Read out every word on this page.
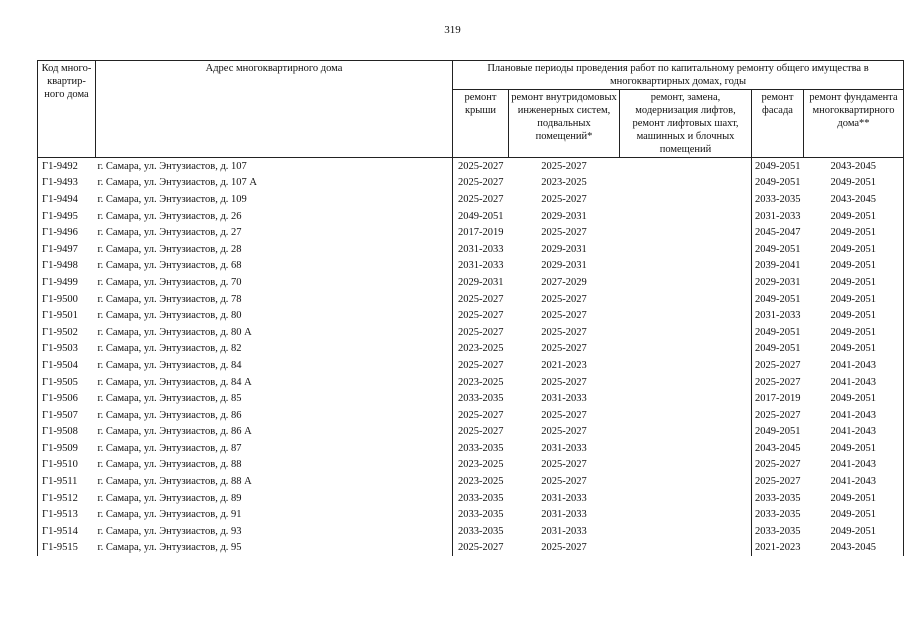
319
Код много-квартир-ного дома	Адрес многоквартирного дома	Плановые периоды проведения работ по капитальному ремонту общего имущества в многоквартирных домах, годы				
		ремонт крыши	ремонт внутридомовых инженерных систем, подвальных помещений*	ремонт, замена, модернизация лифтов, ремонт лифтовых шахт, машинных и блочных помещений	ремонт фасада	ремонт фундамента многоквартирного дома**
Г1-9492	г. Самара, ул. Энтузиастов, д. 107	2025-2027	2025-2027		2049-2051	2043-2045
Г1-9493	г. Самара, ул. Энтузиастов, д. 107 А	2025-2027	2023-2025		2049-2051	2049-2051
Г1-9494	г. Самара, ул. Энтузиастов, д. 109	2025-2027	2025-2027		2033-2035	2043-2045
Г1-9495	г. Самара, ул. Энтузиастов, д. 26	2049-2051	2029-2031		2031-2033	2049-2051
Г1-9496	г. Самара, ул. Энтузиастов, д. 27	2017-2019	2025-2027		2045-2047	2049-2051
Г1-9497	г. Самара, ул. Энтузиастов, д. 28	2031-2033	2029-2031		2049-2051	2049-2051
Г1-9498	г. Самара, ул. Энтузиастов, д. 68	2031-2033	2029-2031		2039-2041	2049-2051
Г1-9499	г. Самара, ул. Энтузиастов, д. 70	2029-2031	2027-2029		2029-2031	2049-2051
Г1-9500	г. Самара, ул. Энтузиастов, д. 78	2025-2027	2025-2027		2049-2051	2049-2051
Г1-9501	г. Самара, ул. Энтузиастов, д. 80	2025-2027	2025-2027		2031-2033	2049-2051
Г1-9502	г. Самара, ул. Энтузиастов, д. 80 А	2025-2027	2025-2027		2049-2051	2049-2051
Г1-9503	г. Самара, ул. Энтузиастов, д. 82	2023-2025	2025-2027		2049-2051	2049-2051
Г1-9504	г. Самара, ул. Энтузиастов, д. 84	2025-2027	2021-2023		2025-2027	2041-2043
Г1-9505	г. Самара, ул. Энтузиастов, д. 84 А	2023-2025	2025-2027		2025-2027	2041-2043
Г1-9506	г. Самара, ул. Энтузиастов, д. 85	2033-2035	2031-2033		2017-2019	2049-2051
Г1-9507	г. Самара, ул. Энтузиастов, д. 86	2025-2027	2025-2027		2025-2027	2041-2043
Г1-9508	г. Самара, ул. Энтузиастов, д. 86 А	2025-2027	2025-2027		2049-2051	2041-2043
Г1-9509	г. Самара, ул. Энтузиастов, д. 87	2033-2035	2031-2033		2043-2045	2049-2051
Г1-9510	г. Самара, ул. Энтузиастов, д. 88	2023-2025	2025-2027		2025-2027	2041-2043
Г1-9511	г. Самара, ул. Энтузиастов, д. 88 А	2023-2025	2025-2027		2025-2027	2041-2043
Г1-9512	г. Самара, ул. Энтузиастов, д. 89	2033-2035	2031-2033		2033-2035	2049-2051
Г1-9513	г. Самара, ул. Энтузиастов, д. 91	2033-2035	2031-2033		2033-2035	2049-2051
Г1-9514	г. Самара, ул. Энтузиастов, д. 93	2033-2035	2031-2033		2033-2035	2049-2051
Г1-9515	г. Самара, ул. Энтузиастов, д. 95	2025-2027	2025-2027		2021-2023	2043-2045
